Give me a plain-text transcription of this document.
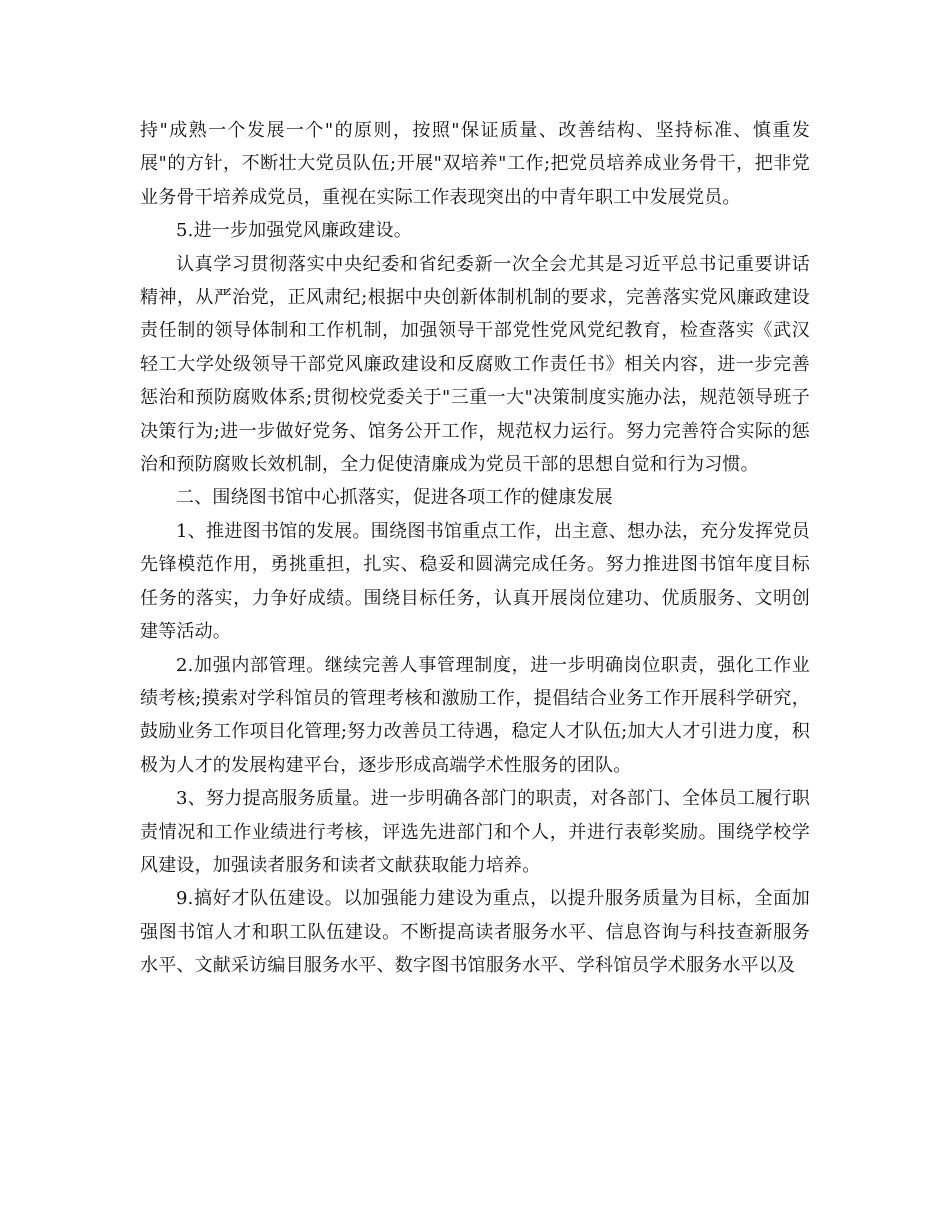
持"成熟一个发展一个"的原则，按照"保证质量、改善结构、坚持标准、慎重发展"的方针，不断壮大党员队伍;开展"双培养"工作;把党员培养成业务骨干，把非党业务骨干培养成党员，重视在实际工作表现突出的中青年职工中发展党员。

5.进一步加强党风廉政建设。

认真学习贯彻落实中央纪委和省纪委新一次全会尤其是习近平总书记重要讲话精神，从严治党，正风肃纪;根据中央创新体制机制的要求，完善落实党风廉政建设责任制的领导体制和工作机制，加强领导干部党性党风党纪教育，检查落实《武汉轻工大学处级领导干部党风廉政建设和反腐败工作责任书》相关内容，进一步完善惩治和预防腐败体系;贯彻校党委关于"三重一大"决策制度实施办法，规范领导班子决策行为;进一步做好党务、馆务公开工作，规范权力运行。努力完善符合实际的惩治和预防腐败长效机制，全力促使清廉成为党员干部的思想自觉和行为习惯。

二、围绕图书馆中心抓落实，促进各项工作的健康发展

1、推进图书馆的发展。围绕图书馆重点工作，出主意、想办法，充分发挥党员先锋模范作用，勇挑重担，扎实、稳妥和圆满完成任务。努力推进图书馆年度目标任务的落实，力争好成绩。围绕目标任务，认真开展岗位建功、优质服务、文明创建等活动。

2.加强内部管理。继续完善人事管理制度，进一步明确岗位职责，强化工作业绩考核;摸索对学科馆员的管理考核和激励工作，提倡结合业务工作开展科学研究，鼓励业务工作项目化管理;努力改善员工待遇，稳定人才队伍;加大人才引进力度，积极为人才的发展构建平台，逐步形成高端学术性服务的团队。

3、努力提高服务质量。进一步明确各部门的职责，对各部门、全体员工履行职责情况和工作业绩进行考核，评选先进部门和个人，并进行表彰奖励。围绕学校学风建设，加强读者服务和读者文献获取能力培养。

9.搞好才队伍建设。以加强能力建设为重点，以提升服务质量为目标，全面加强图书馆人才和职工队伍建设。不断提高读者服务水平、信息咨询与科技查新服务水平、文献采访编目服务水平、数字图书馆服务水平、学科馆员学术服务水平以及
